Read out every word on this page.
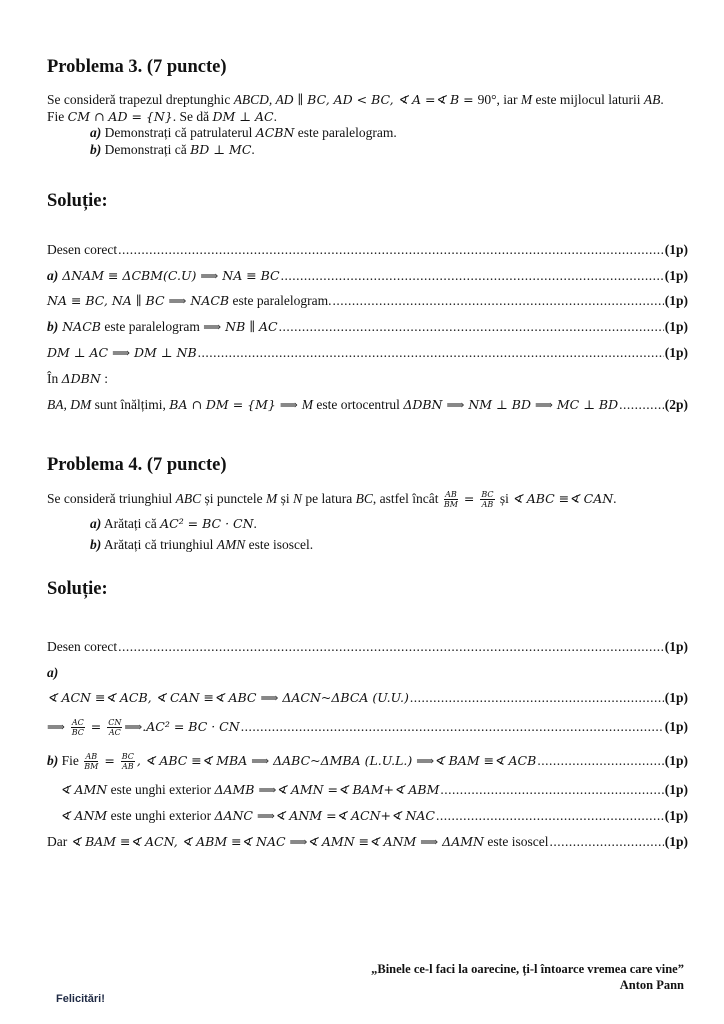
Problema 3. (7 puncte)
Se consideră trapezul dreptunghic ABCD, AD ∥ BC, AD < BC, ∢ A =∢ B = 90°, iar M este mijlocul laturii AB.
Fie CM ∩ AD = {N}. Se dă DM ⊥ AC.
a) Demonstrați că patrulaterul ACBN este paralelogram.
b) Demonstrați că BD ⊥ MC.
Soluție:
Desen corect .....	(1p)
a) ΔNAM ≡ ΔCBM(C.U) ⟹ NA ≡ BC .....	(1p)
NA ≡ BC, NA ∥ BC ⟹ NACB este paralelogram. .....	(1p)
b) NACB este paralelogram ⟹ NB ∥ AC .....	(1p)
DM ⊥ AC ⟹ DM ⊥ NB .....	(1p)
În ΔDBN :
BA, DM sunt înălțimi, BA ∩ DM = {M} ⟹ M este ortocentrul ΔDBN ⟹ NM ⊥ BD ⟹ MC ⊥ BD .....	(2p)
Problema 4. (7 puncte)
Se consideră triunghiul ABC și punctele M și N pe latura BC, astfel încât $\frac{AB}{BM} = \frac{BC}{AB}$ și ∢ ABC ≡∢ CAN.
a) Arătați că AC² = BC · CN.
b) Arătați că triunghiul AMN este isoscel.
Soluție:
Desen corect .....	(1p)
a)
∢ ACN ≡∢ ACB, ∢ CAN ≡∢ ABC ⟹ ΔACN~ΔBCA (U.U.) .....	(1p)
⟹ $\frac{AC}{BC} = \frac{CN}{AC}$ ⟹.AC² = BC · CN .....	(1p)
b) Fie $\frac{AB}{BM} = \frac{BC}{AB}$ , ∢ ABC ≡∢ MBA ⟹ ΔABC~ΔMBA (L.U.L.) ⟹∢ BAM ≡∢ ACB .....	(1p)
∢ AMN este unghi exterior ΔAMB ⟹∢ AMN =∢ BAM+∢ ABM .....	(1p)
∢ ANM este unghi exterior ΔANC ⟹∢ ANM =∢ ACN+∢ NAC .....	(1p)
Dar ∢ BAM ≡∢ ACN, ∢ ABM ≡∢ NAC ⟹∢ AMN ≡∢ ANM ⟹ ΔAMN este isoscel .....	(1p)
„Binele ce-l faci la oarecine, ți-l întoarce vremea care vine”
Anton Pann
Felicitări!
